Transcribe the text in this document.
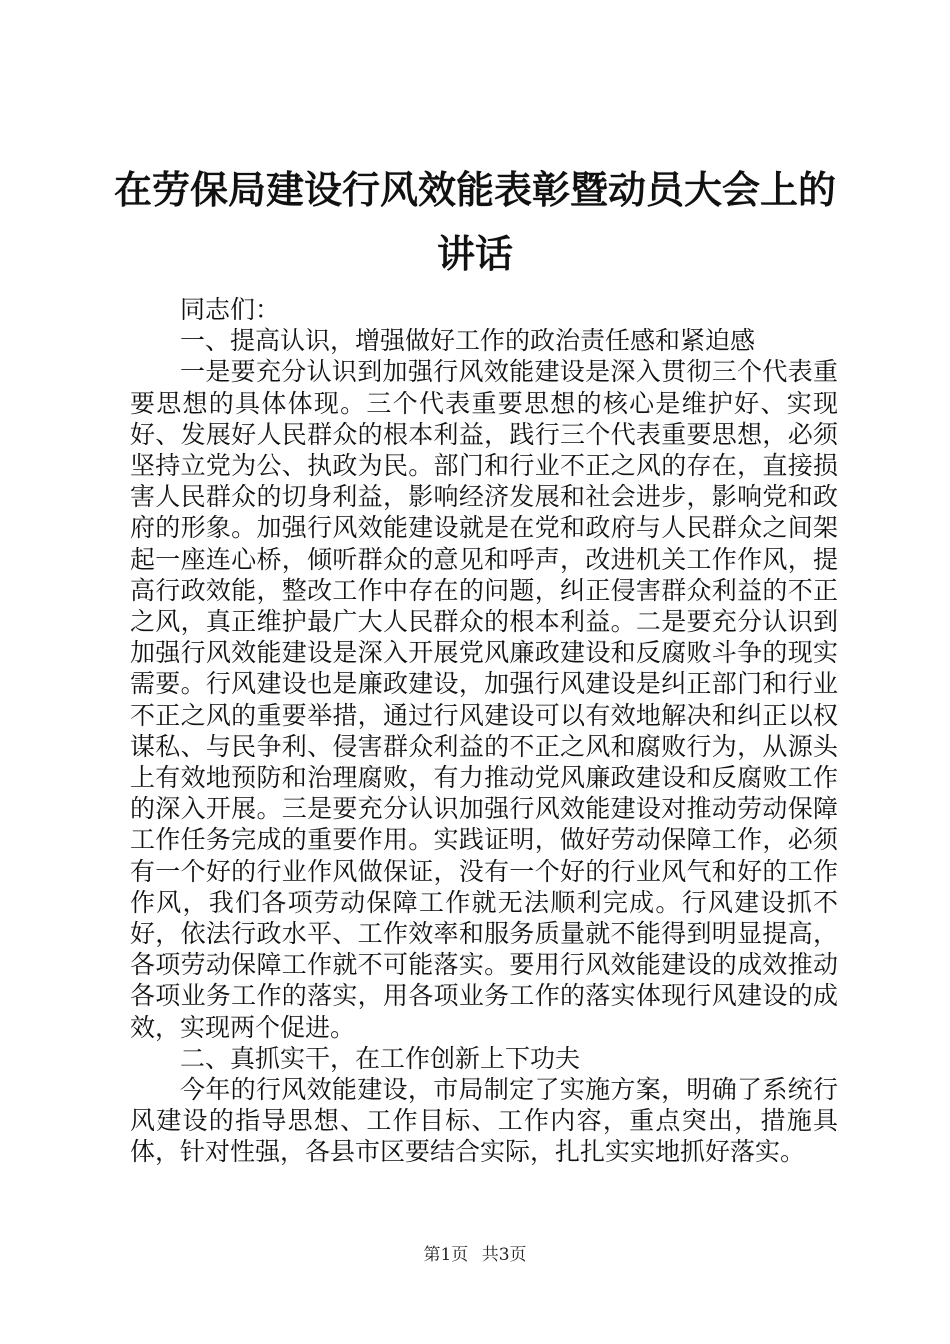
在劳保局建设行风效能表彰暨动员大会上的讲话

同志们：

一、提高认识，增强做好工作的政治责任感和紧迫感

一是要充分认识到加强行风效能建设是深入贯彻三个代表重要思想的具体体现。三个代表重要思想的核心是维护好、实现好、发展好人民群众的根本利益，践行三个代表重要思想，必须坚持立党为公、执政为民。部门和行业不正之风的存在，直接损害人民群众的切身利益，影响经济发展和社会进步，影响党和政府的形象。加强行风效能建设就是在党和政府与人民群众之间架起一座连心桥，倾听群众的意见和呼声，改进机关工作作风，提高行政效能，整改工作中存在的问题，纠正侵害群众利益的不正之风，真正维护最广大人民群众的根本利益。二是要充分认识到加强行风效能建设是深入开展党风廉政建设和反腐败斗争的现实需要。行风建设也是廉政建设，加强行风建设是纠正部门和行业不正之风的重要举措，通过行风建设可以有效地解决和纠正以权谋私、与民争利、侵害群众利益的不正之风和腐败行为，从源头上有效地预防和治理腐败，有力推动党风廉政建设和反腐败工作的深入开展。三是要充分认识加强行风效能建设对推动劳动保障工作任务完成的重要作用。实践证明，做好劳动保障工作，必须有一个好的行业作风做保证，没有一个好的行业风气和好的工作作风，我们各项劳动保障工作就无法顺利完成。行风建设抓不好，依法行政水平、工作效率和服务质量就不能得到明显提高，各项劳动保障工作就不可能落实。要用行风效能建设的成效推动各项业务工作的落实，用各项业务工作的落实体现行风建设的成效，实现两个促进。

二、真抓实干，在工作创新上下功夫

今年的行风效能建设，市局制定了实施方案，明确了系统行风建设的指导思想、工作目标、工作内容，重点突出，措施具体，针对性强，各县市区要结合实际，扎扎实实地抓好落实。

第1页 共3页
